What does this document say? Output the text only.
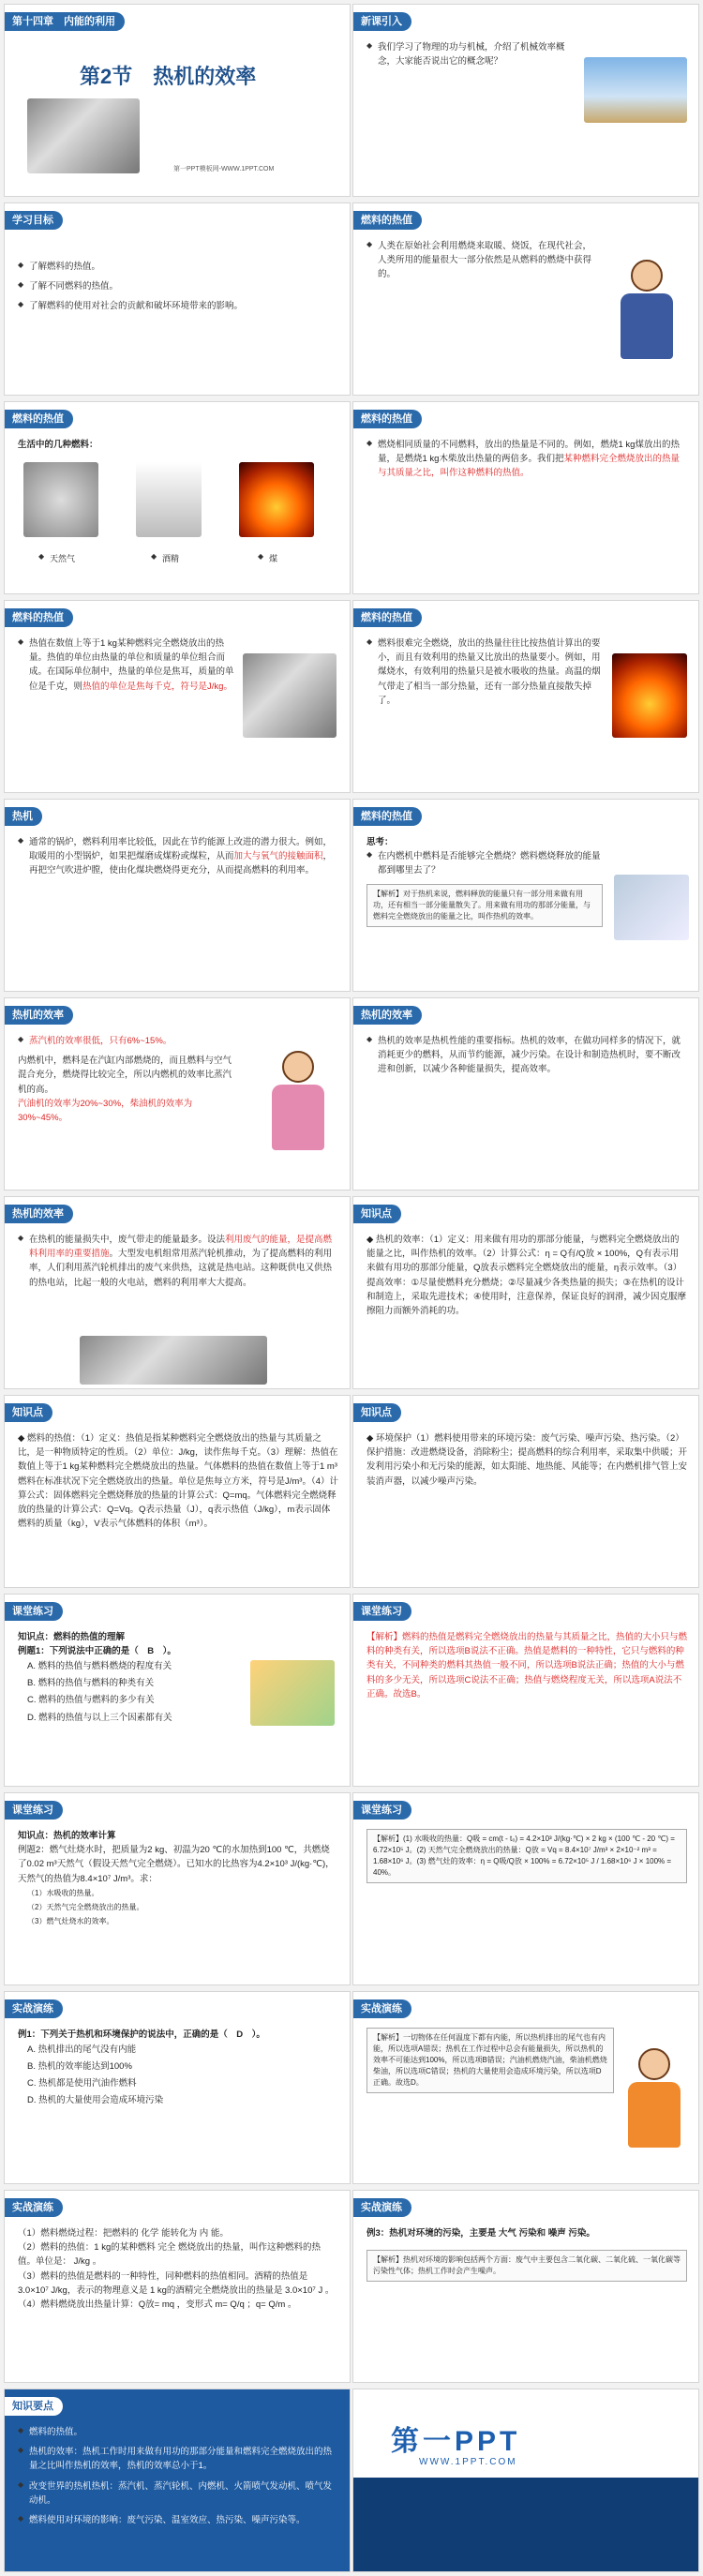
第十四章　内能的利用
第2节　热机的效率
第一PPT模板网-WWW.1PPT.COM
新课引入
◆ 我们学习了物理的功与机械，介绍了机械效率概念，大家能否说出它的概念呢？
学习目标
◆ 了解燃料的热值。
◆ 了解不同燃料的热值。
◆ 了解燃料的使用对社会的贡献和破坏环境带来的影响。
燃料的热值
◆ 人类在原始社会利用燃烧来取暖、烧饭，在现代社会，人类所用的能量很大一部分依然是从燃料的燃烧中获得的。
燃料的热值
生活中的几种燃料：
◆ 天然气	◆ 酒精	◆ 煤
燃料的热值
◆ 燃烧相同质量的不同燃料，放出的热量是不同的。例如，燃烧1 kg煤放出的热量，是燃烧1 kg木柴放出热量的两倍多。我们把某种燃料完全燃烧放出的热量与其质量之比，叫作这种燃料的热值。
燃料的热值
◆ 热值在数值上等于1 kg某种燃料完全燃烧放出的热量。热值的单位由热量的单位和质量的单位组合而成。在国际单位制中，热量的单位是焦耳，质量的单位是千克，则热值的单位是焦每千克，符号是J/kg。
燃料的热值
◆ 燃料很难完全燃烧，放出的热量往往比按热值计算出的要小，而且有效利用的热量又比放出的热量要小。例如，用煤烧水，有效利用的热量只是被水吸收的热量。高温的烟气带走了相当一部分热量，还有一部分热量直接散失掉了。
热机
◆ 通常的锅炉，燃料利用率比较低，因此在节约能源上改进的潜力很大。例如，取暖用的小型锅炉，如果把煤磨成煤粉或煤粒，从而加大与氧气的接触面积，再把空气吹进炉膛，使由化煤块燃烧得更充分，从而提高燃料的利用率。
燃料的热值
思考：
◆ 在内燃机中燃料是否能够完全燃烧？燃料燃烧释放的能量都到哪里去了？
【解析】对于热机来说，燃料释放的能量只有一部分用来做有用功，还有相当一部分能量散失了。用来做有用功的那部分能量，与燃料完全燃烧放出的能量之比，叫作热机的效率。
热机的效率
◆ 蒸汽机的效率很低，只有6%~15%。
内燃机中，燃料是在汽缸内部燃烧的，而且燃料与空气混合充分，燃烧得比较完全，所以内燃机的效率比蒸汽机的高。
汽油机的效率为20%~30%，柴油机的效率为30%~45%。
热机的效率
◆ 热机的效率是热机性能的重要指标。热机的效率，在做功同样多的情况下，就消耗更少的燃料，从而节约能源，减少污染。在设计和制造热机时，要不断改进和创新，以减少各种能量损失，提高效率。
热机的效率
◆ 在热机的能量损失中，废气带走的能量最多。设法利用废气的能量，是提高燃料利用率的重要措施。大型发电机组常用蒸汽轮机推动，为了提高燃料的利用率，人们利用蒸汽轮机排出的废气来供热，这就是热电站。这种既供电又供热的热电站，比起一般的火电站，燃料的利用率大大提高。
知识点
◆ 热机的效率：（1）定义：用来做有用功的那部分能量，与燃料完全燃烧放出的能量之比，叫作热机的效率。（2）计算公式：η = Q有/Q放 × 100%，Q有表示用来做有用功的那部分能量，Q放表示燃料完全燃烧放出的能量，η表示效率。（3）提高效率：①尽量使燃料充分燃烧；②尽量减少各类热量的损失；③在热机的设计和制造上，采取先进技术；④使用时，注意保养，保证良好的润滑，减少因克服摩擦阻力而额外消耗的功。
知识点
◆ 燃料的热值：（1）定义：热值是指某种燃料完全燃烧放出的热量与其质量之比，是一种物质特定的性质。（2）单位：J/kg，读作焦每千克。（3）理解：热值在数值上等于1 kg某种燃料完全燃烧放出的热量。气体燃料的热值在数值上等于1 m³燃料在标准状况下完全燃烧放出的热量。单位是焦每立方米，符号是J/m³。（4）计算公式：固体燃料完全燃烧释放的热量的计算公式：Q=mq。气体燃料完全燃烧释放的热量的计算公式：Q=Vq。Q表示热量（J），q表示热值（J/kg），m表示固体燃料的质量（kg），V表示气体燃料的体积（m³）。
知识点
◆ 环境保护（1）燃料使用带来的环境污染：废气污染、噪声污染、热污染。（2）保护措施：改进燃烧设备，消除粉尘；提高燃料的综合利用率，采取集中供暖；开发利用污染小和无污染的能源，如太阳能、地热能、风能等；在内燃机排气管上安装消声器，以减少噪声污染。
课堂练习
知识点：燃料的热值的理解
例题1：下列说法中正确的是（　B　）。
A. 燃料的热值与燃料燃烧的程度有关
B. 燃料的热值与燃料的种类有关
C. 燃料的热值与燃料的多少有关
D. 燃料的热值与以上三个因素都有关
课堂练习
【解析】燃料的热值是燃料完全燃烧放出的热量与其质量之比，热值的大小只与燃料的种类有关，所以选项B说法不正确。热值是燃料的一种特性，它只与燃料的种类有关，不同种类的燃料其热值一般不同，所以选项B说法正确；热值的大小与燃料的多少无关，所以选项C说法不正确；热值与燃烧程度无关，所以选项A说法不正确。故选B。
课堂练习
知识点：热机的效率计算
例题2：燃气灶烧水时，把质量为2 kg、初温为20 ℃的水加热到100 ℃，共燃烧了0.02 m³天然气（假设天然气完全燃烧）。已知水的比热容为4.2×10³ J/(kg·℃)，天然气的热值为8.4×10⁷ J/m³。求：
（1）水吸收的热量。
（2）天然气完全燃烧放出的热量。
（3）燃气灶烧水的效率。
课堂练习
【解析】(1) 水吸收的热量：Q吸 = cm(t - t₀) = 4.2×10³ J/(kg·℃) × 2 kg × (100 ℃ - 20 ℃) = 6.72×10⁵ J。(2) 天然气完全燃烧放出的热量：Q放 = Vq = 8.4×10⁷ J/m³ × 2×10⁻² m³ = 1.68×10⁶ J。(3) 燃气灶的效率：η = Q吸/Q放 × 100% = 6.72×10⁵ J / 1.68×10⁶ J × 100% = 40%。
实战演练
例1：下列关于热机和环境保护的说法中，正确的是（　D　）。
A. 热机排出的尾气没有内能
B. 热机的效率能达到100%
C. 热机都是使用汽油作燃料
D. 热机的大量使用会造成环境污染
实战演练
【解析】一切物体在任何温度下都有内能，所以热机排出的尾气也有内能，所以选项A错误；热机在工作过程中总会有能量损失，所以热机的效率不可能达到100%，所以选项B错误；汽油机燃烧汽油，柴油机燃烧柴油，所以选项C错误；热机的大量使用会造成环境污染，所以选项D正确。故选D。
实战演练
（1）燃料燃烧过程：把燃料的 化学 能转化为 内 能。
（2）燃料的热值：1 kg的某种燃料 完全 燃烧放出的热量，叫作这种燃料的热值。单位是： J/kg 。
（3）燃料的热值是燃料的一种特性，同种燃料的热值相同。酒精的热值是3.0×10⁷ J/kg，表示的物理意义是 1 kg的酒精完全燃烧放出的热量是 3.0×10⁷ J 。
（4）燃料燃烧放出热量计算：Q放= mq ，变形式 m= Q/q ；q= Q/m 。
实战演练
例3：热机对环境的污染，主要是 大气 污染和 噪声 污染。
【解析】热机对环境的影响包括两个方面：废气中主要包含二氧化碳、二氧化硫、一氧化碳等污染性气体；热机工作时会产生噪声。
知识要点
◆ 燃料的热值。
◆ 热机的效率：热机工作时用来做有用功的那部分能量和燃料完全燃烧放出的热量之比叫作热机的效率，热机的效率总小于1。
◆ 改变世界的热机热机：蒸汽机、蒸汽轮机、内燃机、火箭喷气发动机、喷气发动机。
◆ 燃料使用对环境的影响：废气污染、温室效应、热污染、噪声污染等。
第一PPT
WWW.1PPT.COM
